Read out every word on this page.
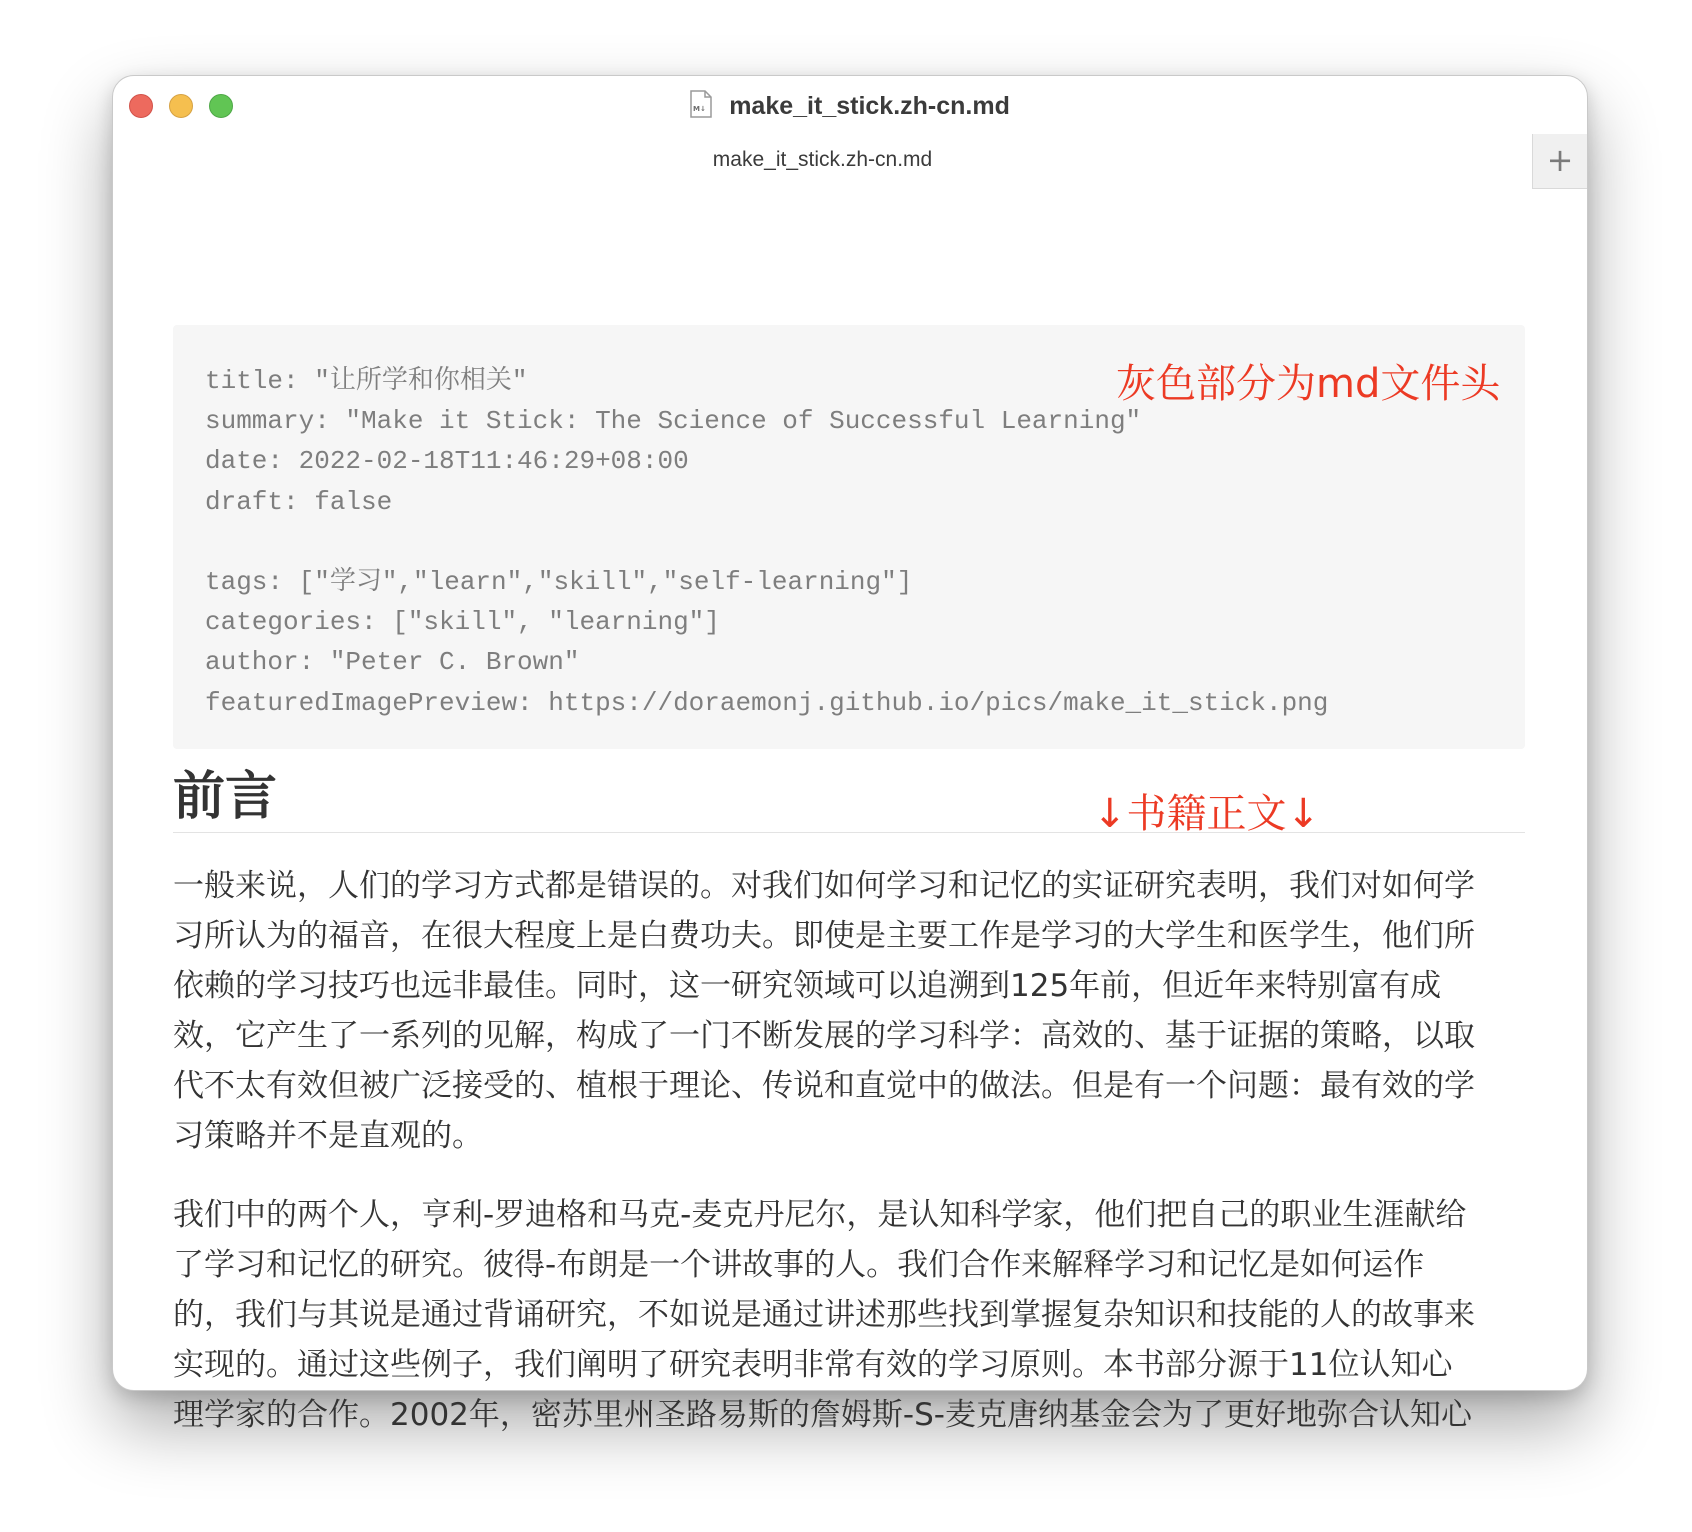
M↓ make_it_stick.zh-cn.md
make_it_stick.zh-cn.md	+
title: "让所学和你相关"
summary: "Make it Stick: The Science of Successful Learning"
date: 2022-02-18T11:46:29+08:00
draft: false
tags: ["学习","learn","skill","self-learning"]
categories: ["skill", "learning"]
author: "Peter C. Brown"
featuredImagePreview: https://doraemonj.github.io/pics/make_it_stick.png
灰色部分为md文件头
前言	↓书籍正文↓
一般来说，人们的学习方式都是错误的。对我们如何学习和记忆的实证研究表明，我们对如何学
习所认为的福音，在很大程度上是白费功夫。即使是主要工作是学习的大学生和医学生，他们所
依赖的学习技巧也远非最佳。同时，这一研究领域可以追溯到125年前，但近年来特别富有成
效，它产生了一系列的见解，构成了一门不断发展的学习科学：高效的、基于证据的策略，以取
代不太有效但被广泛接受的、植根于理论、传说和直觉中的做法。但是有一个问题：最有效的学
习策略并不是直观的。
我们中的两个人，亨利-罗迪格和马克-麦克丹尼尔，是认知科学家，他们把自己的职业生涯献给
了学习和记忆的研究。彼得-布朗是一个讲故事的人。我们合作来解释学习和记忆是如何运作
的，我们与其说是通过背诵研究，不如说是通过讲述那些找到掌握复杂知识和技能的人的故事来
实现的。通过这些例子，我们阐明了研究表明非常有效的学习原则。本书部分源于11位认知心
理学家的合作。2002年，密苏里州圣路易斯的詹姆斯-S-麦克唐纳基金会为了更好地弥合认知心
